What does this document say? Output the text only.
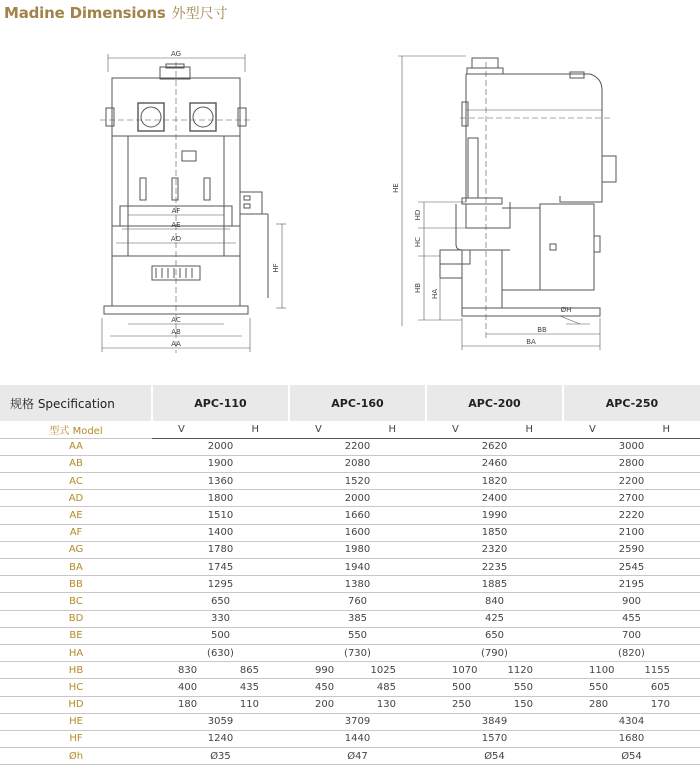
Madine Dimensions 外型尺寸
AG
AF
AE
AD
AC
AB
AA
HF
HE
HD
HC
HB
HA
BB
BA
ØH
规格 Specification	APC-110		APC-160		APC-200		APC-250	
型式 Model	V	H	V	H	V	H	V	H
AA	2000		2200		2620		3000	
AB	1900		2080		2460		2800	
AC	1360		1520		1820		2200	
AD	1800		2000		2400		2700	
AE	1510		1660		1990		2220	
AF	1400		1600		1850		2100	
AG	1780		1980		2320		2590	
BA	1745		1940		2235		2545	
BB	1295		1380		1885		2195	
BC	650		760		840		900	
BD	330		385		425		455	
BE	500		550		650		700	
HA	(630)		(730)		(790)		(820)	
HB	830	865	990	1025	1070	1120	1100	1155
HC	400	435	450	485	500	550	550	605
HD	180	110	200	130	250	150	280	170
HE	3059		3709		3849		4304	
HF	1240		1440		1570		1680	
Øh	Ø35		Ø47		Ø54		Ø54	
